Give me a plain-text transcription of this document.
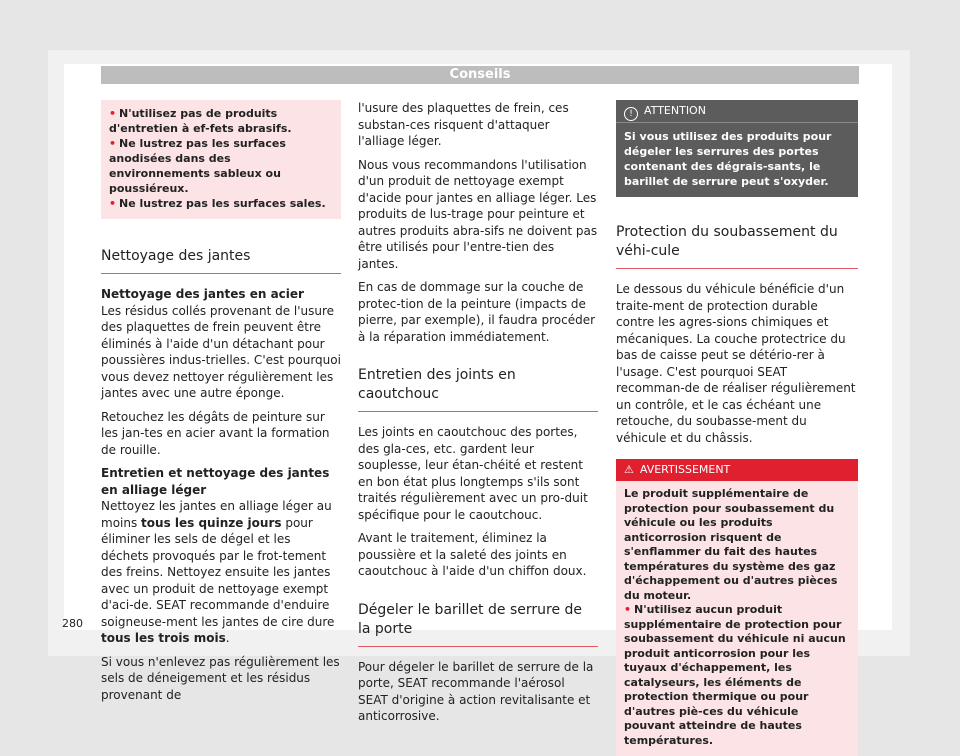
Conseils
• N'utilisez pas de produits d'entretien à ef-fets abrasifs.
• Ne lustrez pas les surfaces anodisées dans des environnements sableux ou poussiéreux.
• Ne lustrez pas les surfaces sales.
Nettoyage des jantes

Nettoyage des jantes en acier

Les résidus collés provenant de l'usure des plaquettes de frein peuvent être éliminés à l'aide d'un détachant pour poussières indus-trielles. C'est pourquoi vous devez nettoyer régulièrement les jantes avec une autre éponge.

Retouchez les dégâts de peinture sur les jan-tes en acier avant la formation de rouille.

Entretien et nettoyage des jantes en alliage léger

Nettoyez les jantes en alliage léger au moins tous les quinze jours pour éliminer les sels de dégel et les déchets provoqués par le frot-tement des freins. Nettoyez ensuite les jantes avec un produit de nettoyage exempt d'aci-de. SEAT recommande d'enduire soigneuse-ment les jantes de cire dure tous les trois mois.

Si vous n'enlevez pas régulièrement les sels de déneigement et les résidus provenant de

l'usure des plaquettes de frein, ces substan-ces risquent d'attaquer l'alliage léger.

Nous vous recommandons l'utilisation d'un produit de nettoyage exempt d'acide pour jantes en alliage léger. Les produits de lus-trage pour peinture et autres produits abra-sifs ne doivent pas être utilisés pour l'entre-tien des jantes.

En cas de dommage sur la couche de protec-tion de la peinture (impacts de pierre, par exemple), il faudra procéder à la réparation immédiatement.

Entretien des joints en caoutchouc

Les joints en caoutchouc des portes, des gla-ces, etc. gardent leur souplesse, leur étan-chéité et restent en bon état plus longtemps s'ils sont traités régulièrement avec un pro-duit spécifique pour le caoutchouc.

Avant le traitement, éliminez la poussière et la saleté des joints en caoutchouc à l'aide d'un chiffon doux.

Dégeler le barillet de serrure de la porte

Pour dégeler le barillet de serrure de la porte, SEAT recommande l'aérosol SEAT d'origine à action revitalisante et anticorrosive.

! ATTENTION
Si vous utilisez des produits pour dégeler les serrures des portes contenant des dégrais-sants, le barillet de serrure peut s'oxyder.
Protection du soubassement du véhi-cule

Le dessous du véhicule bénéficie d'un traite-ment de protection durable contre les agres-sions chimiques et mécaniques. La couche protectrice du bas de caisse peut se détério-rer à l'usage. C'est pourquoi SEAT recomman-de de réaliser régulièrement un contrôle, et le cas échéant une retouche, du soubasse-ment du véhicule et du châssis.

⚠ AVERTISSEMENT
Le produit supplémentaire de protection pour soubassement du véhicule ou les produits anticorrosion risquent de s'enflammer du fait des hautes températures du système des gaz d'échappement ou d'autres pièces du moteur.
• N'utilisez aucun produit supplémentaire de protection pour soubassement du véhicule ni aucun produit anticorrosion pour les tuyaux d'échappement, les catalyseurs, les éléments de protection thermique ou pour d'autres piè-ces du véhicule pouvant atteindre de hautes températures.
280
